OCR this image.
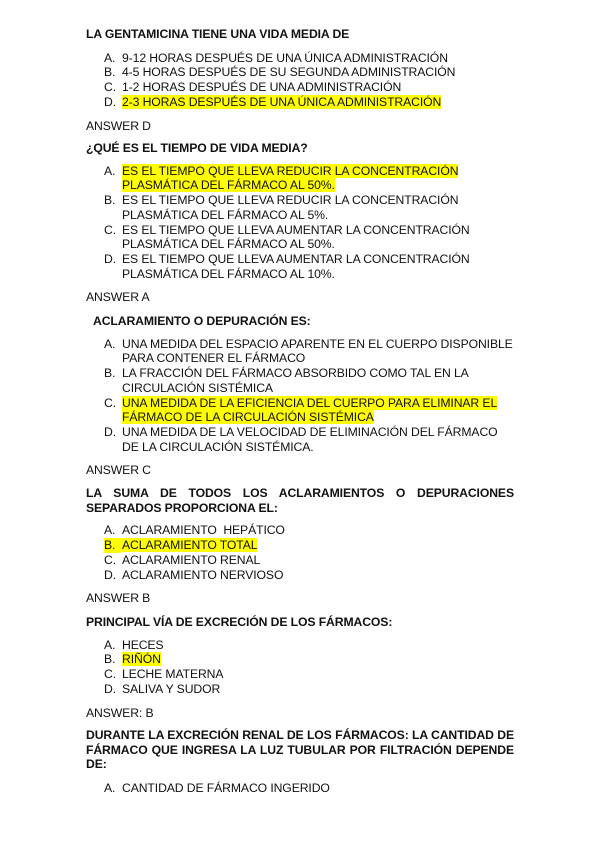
LA GENTAMICINA TIENE UNA VIDA MEDIA DE

A. 9-12 HORAS DESPUÉS DE UNA ÚNICA ADMINISTRACIÓN
B. 4-5 HORAS DESPUÉS DE SU SEGUNDA ADMINISTRACIÓN
C. 1-2 HORAS DESPUÉS DE UNA ADMINISTRACIÓN
D. 2-3 HORAS DESPUÉS DE UNA ÚNICA ADMINISTRACIÓN

ANSWER D

¿QUÉ ES EL TIEMPO DE VIDA MEDIA?

A. ES EL TIEMPO QUE LLEVA REDUCIR LA CONCENTRACIÓN PLASMÁTICA DEL FÁRMACO AL 50%.
B. ES EL TIEMPO QUE LLEVA REDUCIR LA CONCENTRACIÓN PLASMÁTICA DEL FÁRMACO AL 5%.
C. ES EL TIEMPO QUE LLEVA AUMENTAR LA CONCENTRACIÓN PLASMÁTICA DEL FÁRMACO AL 50%.
D. ES EL TIEMPO QUE LLEVA AUMENTAR LA CONCENTRACIÓN PLASMÁTICA DEL FÁRMACO AL 10%.

ANSWER A

ACLARAMIENTO O DEPURACIÓN ES:

A. UNA MEDIDA DEL ESPACIO APARENTE EN EL CUERPO DISPONIBLE PARA CONTENER EL FÁRMACO
B. LA FRACCIÓN DEL FÁRMACO ABSORBIDO COMO TAL EN LA CIRCULACIÓN SISTÉMICA
C. UNA MEDIDA DE LA EFICIENCIA DEL CUERPO PARA ELIMINAR EL FÁRMACO DE LA CIRCULACIÓN SISTÉMICA
D. UNA MEDIDA DE LA VELOCIDAD DE ELIMINACIÓN DEL FÁRMACO DE LA CIRCULACIÓN SISTÉMICA.

ANSWER C

LA SUMA DE TODOS LOS ACLARAMIENTOS O DEPURACIONES SEPARADOS PROPORCIONA EL:

A. ACLARAMIENTO  HEPÁTICO
B. ACLARAMIENTO TOTAL
C. ACLARAMIENTO RENAL
D. ACLARAMIENTO NERVIOSO

ANSWER B

PRINCIPAL VÍA DE EXCRECIÓN DE LOS FÁRMACOS:

A. HECES
B. RIÑÓN
C. LECHE MATERNA
D. SALIVA Y SUDOR

ANSWER: B

DURANTE LA EXCRECIÓN RENAL DE LOS FÁRMACOS: LA CANTIDAD DE FÁRMACO QUE INGRESA LA LUZ TUBULAR POR FILTRACIÓN DEPENDE DE:

A. CANTIDAD DE FÁRMACO INGERIDO
